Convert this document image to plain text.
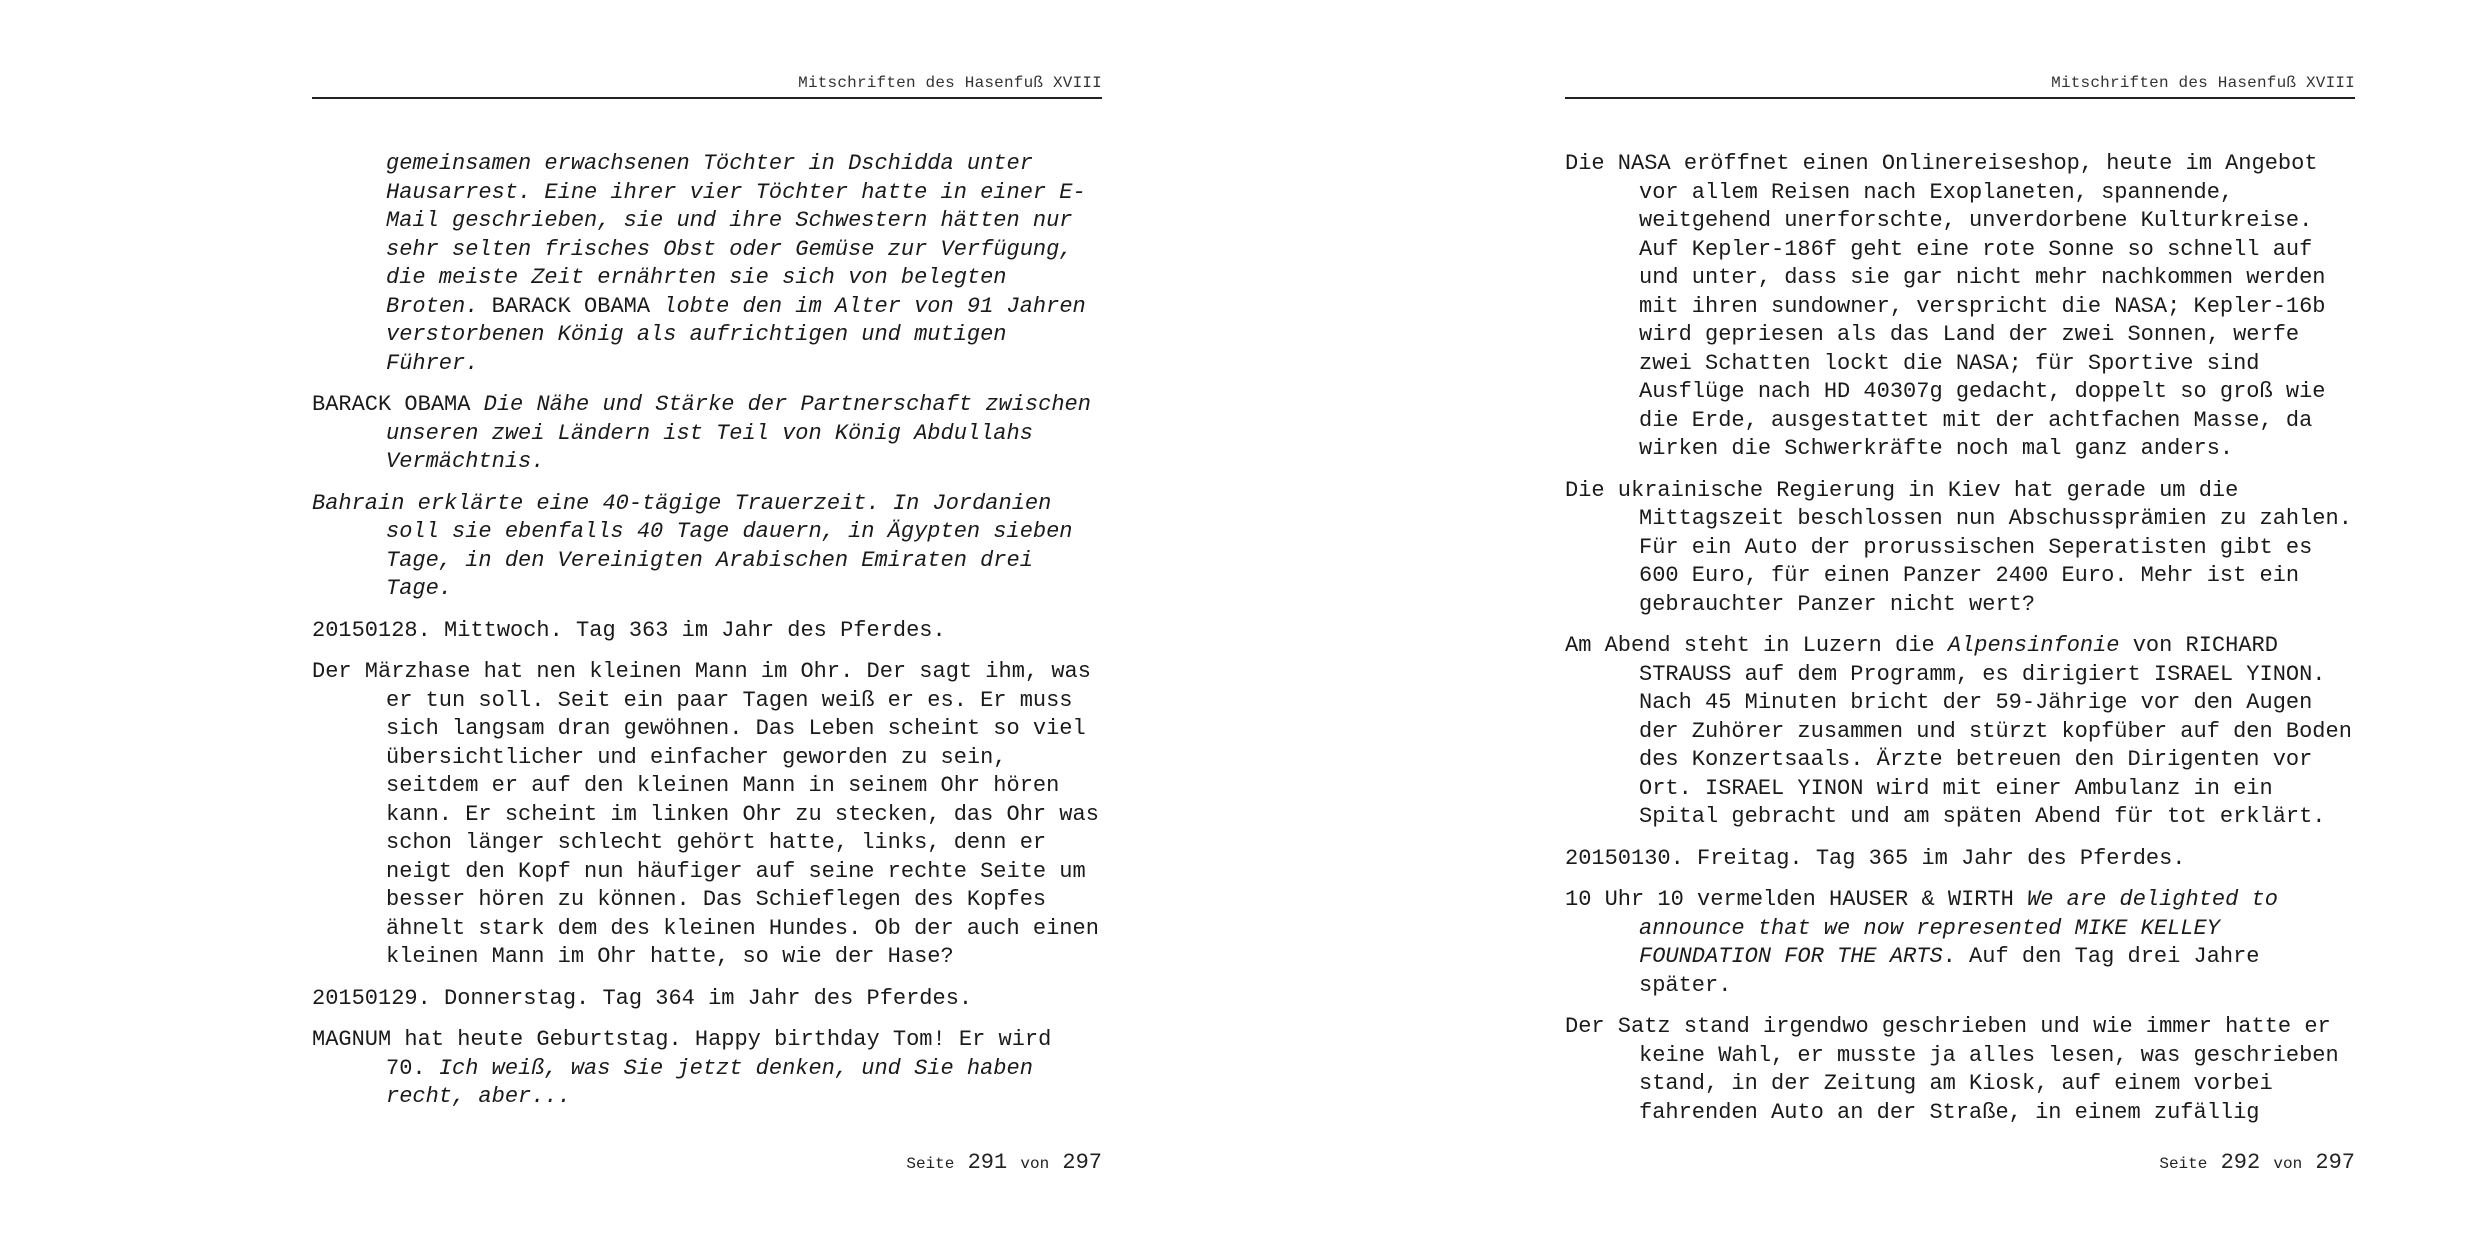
Mitschriften des Hasenfuß XVIII

gemeinsamen erwachsenen Töchter in Dschidda unter Hausarrest. Eine ihrer vier Töchter hatte in einer E-Mail geschrieben, sie und ihre Schwestern hätten nur sehr selten frisches Obst oder Gemüse zur Verfügung, die meiste Zeit ernährten sie sich von belegten Broten. BARACK OBAMA lobte den im Alter von 91 Jahren verstorbenen König als aufrichtigen und mutigen Führer.

BARACK OBAMA Die Nähe und Stärke der Partnerschaft zwischen unseren zwei Ländern ist Teil von König Abdullahs Vermächtnis.

Bahrain erklärte eine 40-tägige Trauerzeit. In Jordanien soll sie ebenfalls 40 Tage dauern, in Ägypten sieben Tage, in den Vereinigten Arabischen Emiraten drei Tage.

20150128. Mittwoch. Tag 363 im Jahr des Pferdes.

Der Märzhase hat nen kleinen Mann im Ohr. Der sagt ihm, was er tun soll. Seit ein paar Tagen weiß er es. Er muss sich langsam dran gewöhnen. Das Leben scheint so viel übersichtlicher und einfacher geworden zu sein, seitdem er auf den kleinen Mann in seinem Ohr hören kann. Er scheint im linken Ohr zu stecken, das Ohr was schon länger schlecht gehört hatte, links, denn er neigt den Kopf nun häufiger auf seine rechte Seite um besser hören zu können. Das Schieflegen des Kopfes ähnelt stark dem des kleinen Hundes. Ob der auch einen kleinen Mann im Ohr hatte, so wie der Hase?

20150129. Donnerstag. Tag 364 im Jahr des Pferdes.

MAGNUM hat heute Geburtstag. Happy birthday Tom! Er wird 70. Ich weiß, was Sie jetzt denken, und Sie haben recht, aber...

Seite 291 von 297
Mitschriften des Hasenfuß XVIII

Die NASA eröffnet einen Onlinereiseshop, heute im Angebot vor allem Reisen nach Exoplaneten, spannende, weitgehend unerforschte, unverdorbene Kulturkreise. Auf Kepler-186f geht eine rote Sonne so schnell auf und unter, dass sie gar nicht mehr nachkommen werden mit ihren sundowner, verspricht die NASA; Kepler-16b wird gepriesen als das Land der zwei Sonnen, werfe zwei Schatten lockt die NASA; für Sportive sind Ausflüge nach HD 40307g gedacht, doppelt so groß wie die Erde, ausgestattet mit der achtfachen Masse, da wirken die Schwerkräfte noch mal ganz anders.

Die ukrainische Regierung in Kiev hat gerade um die Mittagszeit beschlossen nun Abschussprämien zu zahlen. Für ein Auto der prorussischen Seperatisten gibt es 600 Euro, für einen Panzer 2400 Euro. Mehr ist ein gebrauchter Panzer nicht wert?

Am Abend steht in Luzern die Alpensinfonie von RICHARD STRAUSS auf dem Programm, es dirigiert ISRAEL YINON. Nach 45 Minuten bricht der 59-Jährige vor den Augen der Zuhörer zusammen und stürzt kopfüber auf den Boden des Konzertsaals. Ärzte betreuen den Dirigenten vor Ort. ISRAEL YINON wird mit einer Ambulanz in ein Spital gebracht und am späten Abend für tot erklärt.

20150130. Freitag. Tag 365 im Jahr des Pferdes.

10 Uhr 10 vermelden HAUSER & WIRTH We are delighted to announce that we now represented MIKE KELLEY FOUNDATION FOR THE ARTS. Auf den Tag drei Jahre später.

Der Satz stand irgendwo geschrieben und wie immer hatte er keine Wahl, er musste ja alles lesen, was geschrieben stand, in der Zeitung am Kiosk, auf einem vorbei fahrenden Auto an der Straße, in einem zufällig

Seite 292 von 297
